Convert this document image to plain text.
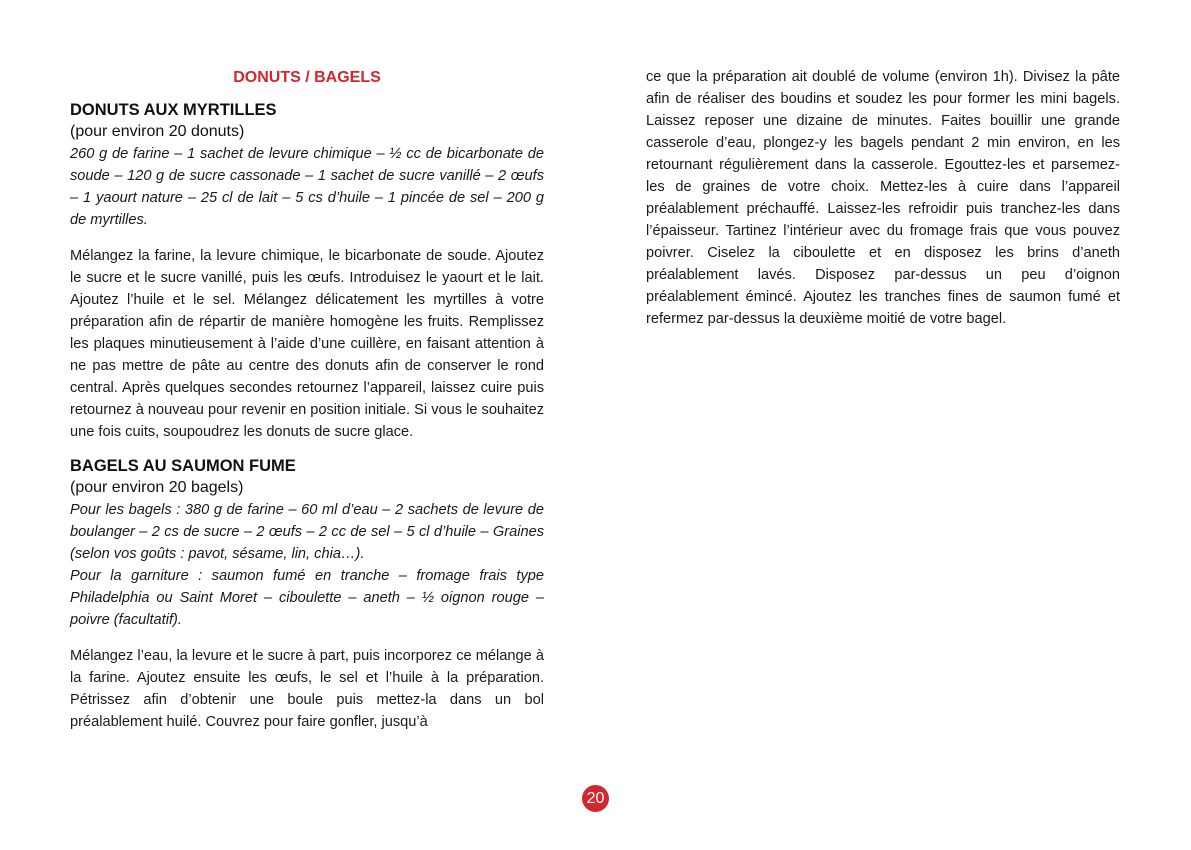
DONUTS / BAGELS
DONUTS AUX MYRTILLES
(pour environ 20 donuts)

260 g de farine – 1 sachet de levure chimique – ½ cc de bicarbonate de soude – 120 g de sucre cassonade – 1 sachet de sucre vanillé – 2 œufs – 1 yaourt nature – 25 cl de lait – 5 cs d’huile – 1 pincée de sel – 200 g de myrtilles.

Mélangez la farine, la levure chimique, le bicarbonate de soude. Ajoutez le sucre et le sucre vanillé, puis les œufs. Introduisez le yaourt et le lait. Ajoutez l’huile et le sel. Mélangez délicatement les myrtilles à votre préparation afin de répartir de manière homogène les fruits. Remplissez les plaques minutieusement à l’aide d’une cuillère, en faisant attention à ne pas mettre de pâte au centre des donuts afin de conserver le rond central. Après quelques secondes retournez l’appareil, laissez cuire puis retournez à nouveau pour revenir en position initiale. Si vous le souhaitez une fois cuits, soupoudrez les donuts de sucre glace.

BAGELS AU SAUMON FUME
(pour environ 20 bagels)

Pour les bagels : 380 g de farine – 60 ml d’eau – 2 sachets de levure de boulanger – 2 cs de sucre – 2 œufs – 2 cc de sel – 5 cl d’huile – Graines (selon vos goûts : pavot, sésame, lin, chia…).

Pour la garniture : saumon fumé en tranche – fromage frais type Philadelphia ou Saint Moret – ciboulette – aneth – ½ oignon rouge – poivre (facultatif).

Mélangez l’eau, la levure et le sucre à part, puis incorporez ce mélange à la farine. Ajoutez ensuite les œufs, le sel et l’huile à la préparation. Pétrissez afin d’obtenir une boule puis mettez-la dans un bol préalablement huilé. Couvrez pour faire gonfler, jusqu’à

ce que la préparation ait doublé de volume (environ 1h). Divisez la pâte afin de réaliser des boudins et soudez les pour former les mini bagels. Laissez reposer une dizaine de minutes. Faites bouillir une grande casserole d’eau, plongez-y les bagels pendant 2 min environ, en les retournant régulièrement dans la casserole. Egouttez-les et parsemez-les de graines de votre choix. Mettez-les à cuire dans l’appareil préalablement préchauffé. Laissez-les refroidir puis tranchez-les dans l’épaisseur. Tartinez l’intérieur avec du fromage frais que vous pouvez poivrer. Ciselez la ciboulette et en disposez les brins d’aneth préalablement lavés. Disposez par-dessus un peu d’oignon préalablement émincé. Ajoutez les tranches fines de saumon fumé et refermez par-dessus la deuxième moitié de votre bagel.

20
